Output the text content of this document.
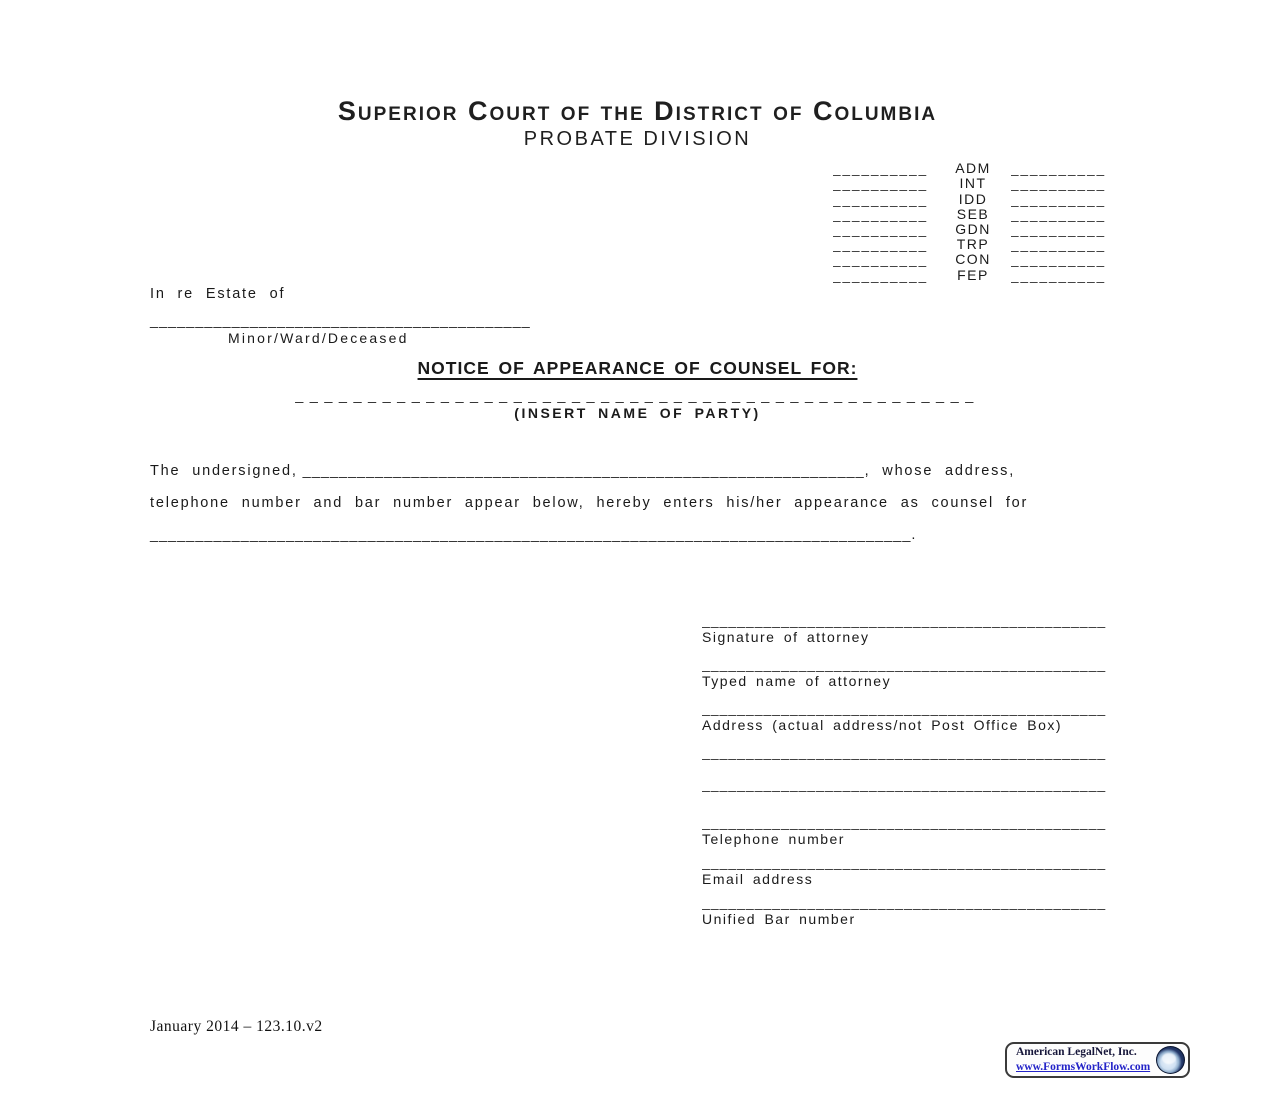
Superior Court of the District of Columbia
PROBATE DIVISION
__________	ADM	__________
__________	INT	__________
__________	IDD	__________
__________	SEB	__________
__________	GDN	__________
__________	TRP	__________
__________	CON	__________
__________	FEP	__________
In re Estate of
__________________________________________
Minor/Ward/Deceased
NOTICE OF APPEARANCE OF COUNSEL FOR:
_______________________________________________
(INSERT NAME OF PARTY)
The undersigned, ______________________________________________________________, whose address,
telephone number and bar number appear below, hereby enters his/her appearance as counsel for
____________________________________________________________________________________.
______________________________________________
Signature of attorney
______________________________________________
Typed name of attorney
______________________________________________
Address (actual address/not Post Office Box)
______________________________________________
______________________________________________
______________________________________________
Telephone number
______________________________________________
Email address
______________________________________________
Unified Bar number
January 2014 – 123.10.v2
American LegalNet, Inc.
www.FormsWorkFlow.com
